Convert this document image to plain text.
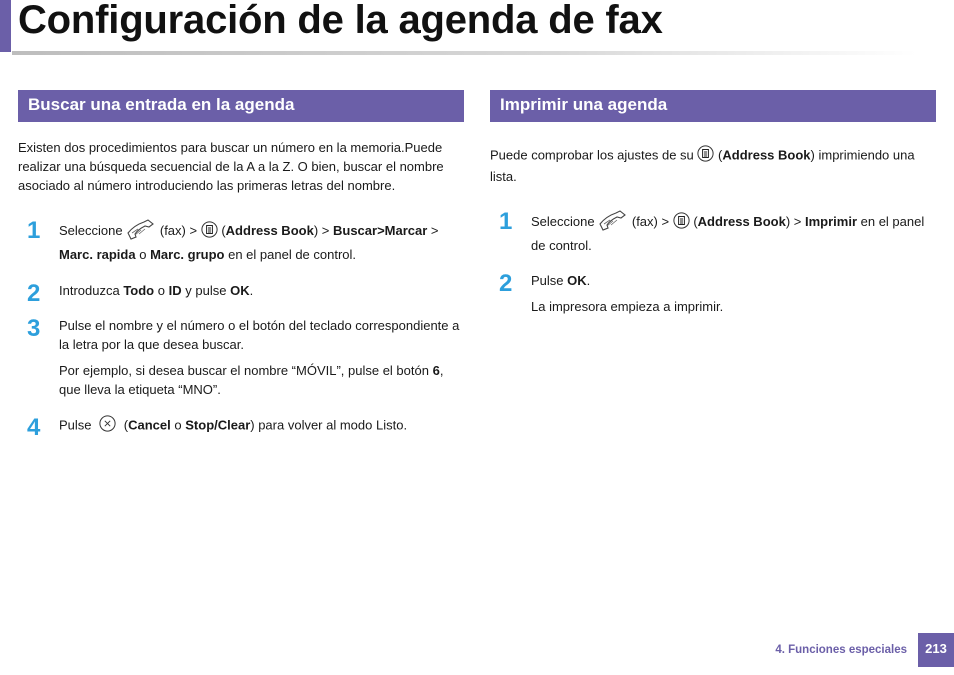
Configuración de la agenda de fax
Buscar una entrada en la agenda

Existen dos procedimientos para buscar un número en la memoria.Puede realizar una búsqueda secuencial de la A a la Z. O bien, buscar el nombre asociado al número introduciendo las primeras letras del nombre.

1 Seleccione	(fax) > (Address Book) > Buscar>Marcar > Marc. rapida o Marc. grupo en el panel de control.

2 Introduzca Todo o ID y pulse OK.

3 Pulse el nombre y el número o el botón del teclado correspondiente a la letra por la que desea buscar.

Por ejemplo, si desea buscar el nombre “MÓVIL”, pulse el botón 6, que lleva la etiqueta “MNO”.

4 Pulse (Cancel o Stop/Clear) para volver al modo Listo.

Imprimir una agenda

Puede comprobar los ajustes de su (Address Book) imprimiendo una lista.

1 Seleccione	(fax) > (Address Book) > Imprimir en el panel de control.

2 Pulse OK.

La impresora empieza a imprimir.

4. Funciones especiales	213
